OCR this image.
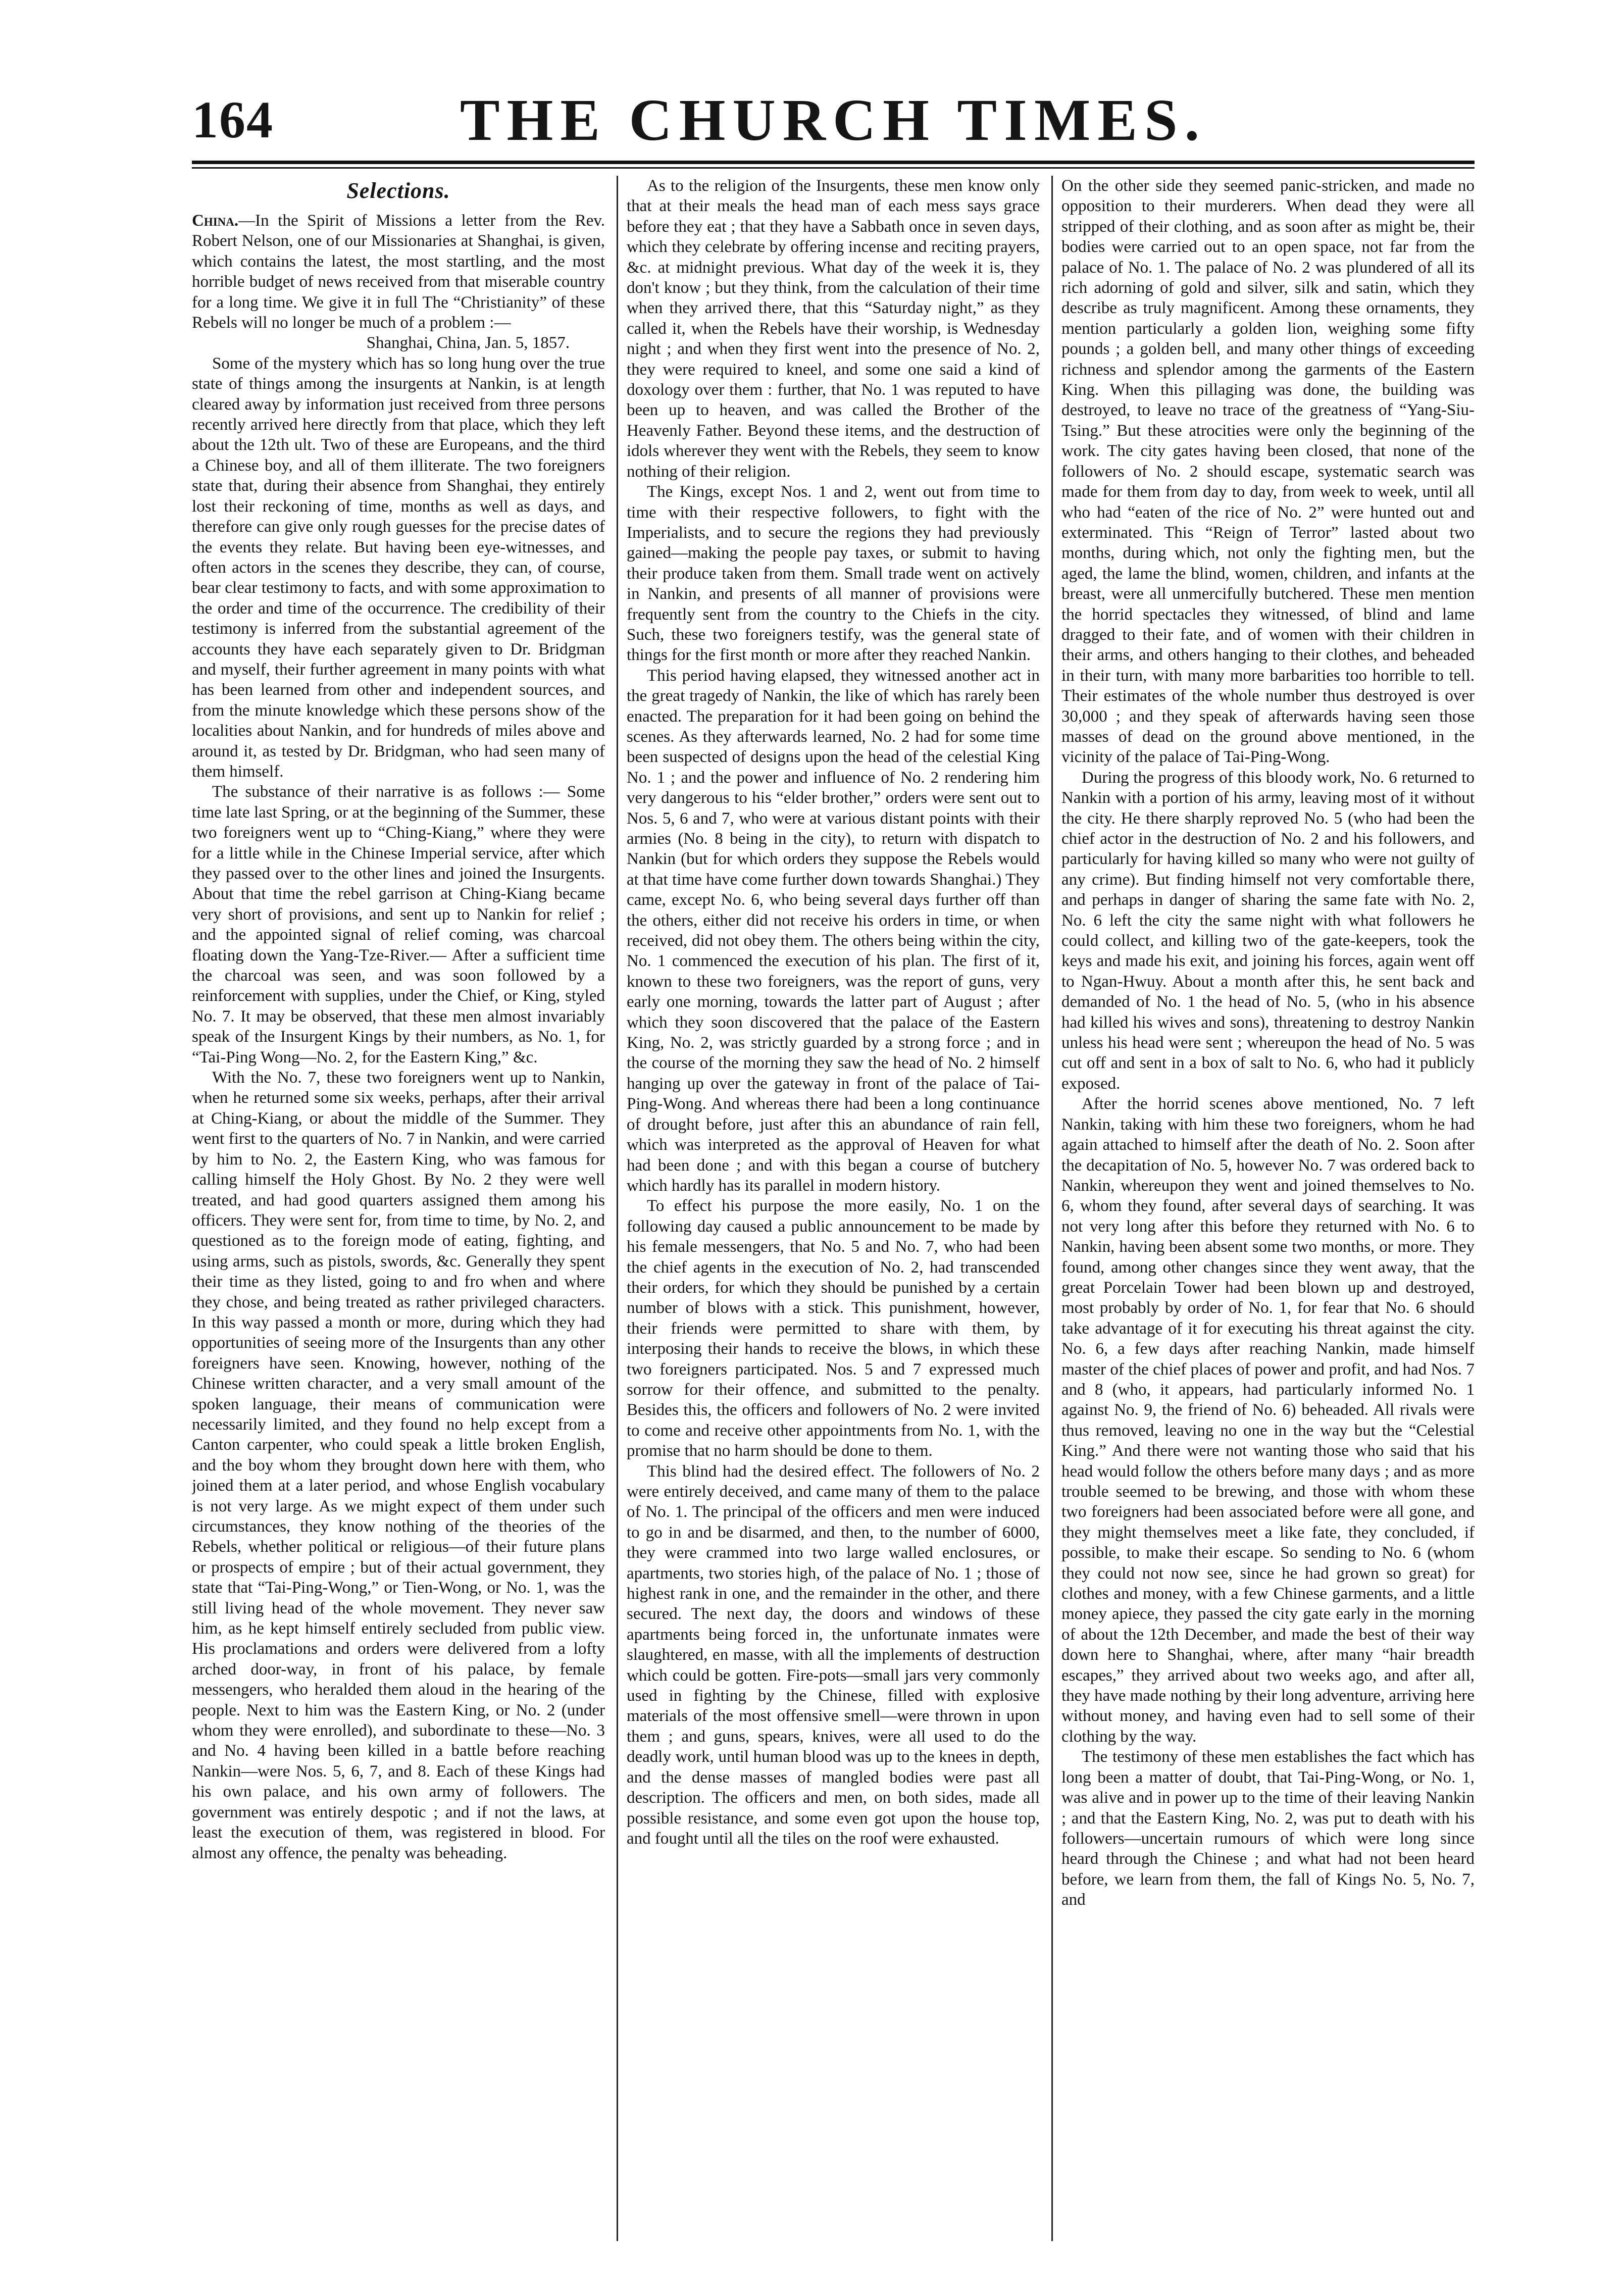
164	THE CHURCH TIMES.
Selections.

China.—In the Spirit of Missions a letter from the Rev. Robert Nelson, one of our Missionaries at Shanghai, is given, which contains the latest, the most startling, and the most horrible budget of news received from that miserable country for a long time. We give it in full The “Christianity” of these Rebels will no longer be much of a problem :—

Shanghai, China, Jan. 5, 1857.

Some of the mystery which has so long hung over the true state of things among the insurgents at Nankin, is at length cleared away by information just received from three persons recently arrived here directly from that place, which they left about the 12th ult. Two of these are Europeans, and the third a Chinese boy, and all of them illiterate. The two foreigners state that, during their absence from Shanghai, they entirely lost their reckoning of time, months as well as days, and therefore can give only rough guesses for the precise dates of the events they relate. But having been eye-witnesses, and often actors in the scenes they describe, they can, of course, bear clear testimony to facts, and with some approximation to the order and time of the occurrence. The credibility of their testimony is inferred from the substantial agreement of the accounts they have each separately given to Dr. Bridgman and myself, their further agreement in many points with what has been learned from other and independent sources, and from the minute knowledge which these persons show of the localities about Nankin, and for hundreds of miles above and around it, as tested by Dr. Bridgman, who had seen many of them himself.

The substance of their narrative is as follows :— Some time late last Spring, or at the beginning of the Summer, these two foreigners went up to “Ching-Kiang,” where they were for a little while in the Chinese Imperial service, after which they passed over to the other lines and joined the Insurgents. About that time the rebel garrison at Ching-Kiang became very short of provisions, and sent up to Nankin for relief ; and the appointed signal of relief coming, was charcoal floating down the Yang-Tze-River.— After a sufficient time the charcoal was seen, and was soon followed by a reinforcement with supplies, under the Chief, or King, styled No. 7. It may be observed, that these men almost invariably speak of the Insurgent Kings by their numbers, as No. 1, for “Tai-Ping Wong—No. 2, for the Eastern King,” &c.

With the No. 7, these two foreigners went up to Nankin, when he returned some six weeks, perhaps, after their arrival at Ching-Kiang, or about the middle of the Summer. They went first to the quarters of No. 7 in Nankin, and were carried by him to No. 2, the Eastern King, who was famous for calling himself the Holy Ghost. By No. 2 they were well treated, and had good quarters assigned them among his officers. They were sent for, from time to time, by No. 2, and questioned as to the foreign mode of eating, fighting, and using arms, such as pistols, swords, &c. Generally they spent their time as they listed, going to and fro when and where they chose, and being treated as rather privileged characters. In this way passed a month or more, during which they had opportunities of seeing more of the Insurgents than any other foreigners have seen. Knowing, however, nothing of the Chinese written character, and a very small amount of the spoken language, their means of communication were necessarily limited, and they found no help except from a Canton carpenter, who could speak a little broken English, and the boy whom they brought down here with them, who joined them at a later period, and whose English vocabulary is not very large. As we might expect of them under such circumstances, they know nothing of the theories of the Rebels, whether political or religious—of their future plans or prospects of empire ; but of their actual government, they state that “Tai-Ping-Wong,” or Tien-Wong, or No. 1, was the still living head of the whole movement. They never saw him, as he kept himself entirely secluded from public view. His proclamations and orders were delivered from a lofty arched door-way, in front of his palace, by female messengers, who heralded them aloud in the hearing of the people. Next to him was the Eastern King, or No. 2 (under whom they were enrolled), and subordinate to these—No. 3 and No. 4 having been killed in a battle before reaching Nankin—were Nos. 5, 6, 7, and 8. Each of these Kings had his own palace, and his own army of followers. The government was entirely despotic ; and if not the laws, at least the execution of them, was registered in blood. For almost any offence, the penalty was beheading.

As to the religion of the Insurgents, these men know only that at their meals the head man of each mess says grace before they eat ; that they have a Sabbath once in seven days, which they celebrate by offering incense and reciting prayers, &c. at midnight previous. What day of the week it is, they don't know ; but they think, from the calculation of their time when they arrived there, that this “Saturday night,” as they called it, when the Rebels have their worship, is Wednesday night ; and when they first went into the presence of No. 2, they were required to kneel, and some one said a kind of doxology over them : further, that No. 1 was reputed to have been up to heaven, and was called the Brother of the Heavenly Father. Beyond these items, and the destruction of idols wherever they went with the Rebels, they seem to know nothing of their religion.

The Kings, except Nos. 1 and 2, went out from time to time with their respective followers, to fight with the Imperialists, and to secure the regions they had previously gained—making the people pay taxes, or submit to having their produce taken from them. Small trade went on actively in Nankin, and presents of all manner of provisions were frequently sent from the country to the Chiefs in the city. Such, these two foreigners testify, was the general state of things for the first month or more after they reached Nankin.

This period having elapsed, they witnessed another act in the great tragedy of Nankin, the like of which has rarely been enacted. The preparation for it had been going on behind the scenes. As they afterwards learned, No. 2 had for some time been suspected of designs upon the head of the celestial King No. 1 ; and the power and influence of No. 2 rendering him very dangerous to his “elder brother,” orders were sent out to Nos. 5, 6 and 7, who were at various distant points with their armies (No. 8 being in the city), to return with dispatch to Nankin (but for which orders they suppose the Rebels would at that time have come further down towards Shanghai.) They came, except No. 6, who being several days further off than the others, either did not receive his orders in time, or when received, did not obey them. The others being within the city, No. 1 commenced the execution of his plan. The first of it, known to these two foreigners, was the report of guns, very early one morning, towards the latter part of August ; after which they soon discovered that the palace of the Eastern King, No. 2, was strictly guarded by a strong force ; and in the course of the morning they saw the head of No. 2 himself hanging up over the gateway in front of the palace of Tai-Ping-Wong. And whereas there had been a long continuance of drought before, just after this an abundance of rain fell, which was interpreted as the approval of Heaven for what had been done ; and with this began a course of butchery which hardly has its parallel in modern history.

To effect his purpose the more easily, No. 1 on the following day caused a public announcement to be made by his female messengers, that No. 5 and No. 7, who had been the chief agents in the execution of No. 2, had transcended their orders, for which they should be punished by a certain number of blows with a stick. This punishment, however, their friends were permitted to share with them, by interposing their hands to receive the blows, in which these two foreigners participated. Nos. 5 and 7 expressed much sorrow for their offence, and submitted to the penalty. Besides this, the officers and followers of No. 2 were invited to come and receive other appointments from No. 1, with the promise that no harm should be done to them.

This blind had the desired effect. The followers of No. 2 were entirely deceived, and came many of them to the palace of No. 1. The principal of the officers and men were induced to go in and be disarmed, and then, to the number of 6000, they were crammed into two large walled enclosures, or apartments, two stories high, of the palace of No. 1 ; those of highest rank in one, and the remainder in the other, and there secured. The next day, the doors and windows of these apartments being forced in, the unfortunate inmates were slaughtered, en masse, with all the implements of destruction which could be gotten. Fire-pots—small jars very commonly used in fighting by the Chinese, filled with explosive materials of the most offensive smell—were thrown in upon them ; and guns, spears, knives, were all used to do the deadly work, until human blood was up to the knees in depth, and the dense masses of mangled bodies were past all description. The officers and men, on both sides, made all possible resistance, and some even got upon the house top, and fought until all the tiles on the roof were exhausted.

On the other side they seemed panic-stricken, and made no opposition to their murderers. When dead they were all stripped of their clothing, and as soon after as might be, their bodies were carried out to an open space, not far from the palace of No. 1. The palace of No. 2 was plundered of all its rich adorning of gold and silver, silk and satin, which they describe as truly magnificent. Among these ornaments, they mention particularly a golden lion, weighing some fifty pounds ; a golden bell, and many other things of exceeding richness and splendor among the garments of the Eastern King. When this pillaging was done, the building was destroyed, to leave no trace of the greatness of “Yang-Siu-Tsing.” But these atrocities were only the beginning of the work. The city gates having been closed, that none of the followers of No. 2 should escape, systematic search was made for them from day to day, from week to week, until all who had “eaten of the rice of No. 2” were hunted out and exterminated. This “Reign of Terror” lasted about two months, during which, not only the fighting men, but the aged, the lame the blind, women, children, and infants at the breast, were all unmercifully butchered. These men mention the horrid spectacles they witnessed, of blind and lame dragged to their fate, and of women with their children in their arms, and others hanging to their clothes, and beheaded in their turn, with many more barbarities too horrible to tell. Their estimates of the whole number thus destroyed is over 30,000 ; and they speak of afterwards having seen those masses of dead on the ground above mentioned, in the vicinity of the palace of Tai-Ping-Wong.

During the progress of this bloody work, No. 6 returned to Nankin with a portion of his army, leaving most of it without the city. He there sharply reproved No. 5 (who had been the chief actor in the destruction of No. 2 and his followers, and particularly for having killed so many who were not guilty of any crime). But finding himself not very comfortable there, and perhaps in danger of sharing the same fate with No. 2, No. 6 left the city the same night with what followers he could collect, and killing two of the gate-keepers, took the keys and made his exit, and joining his forces, again went off to Ngan-Hwuy. About a month after this, he sent back and demanded of No. 1 the head of No. 5, (who in his absence had killed his wives and sons), threatening to destroy Nankin unless his head were sent ; whereupon the head of No. 5 was cut off and sent in a box of salt to No. 6, who had it publicly exposed.

After the horrid scenes above mentioned, No. 7 left Nankin, taking with him these two foreigners, whom he had again attached to himself after the death of No. 2. Soon after the decapitation of No. 5, however No. 7 was ordered back to Nankin, whereupon they went and joined themselves to No. 6, whom they found, after several days of searching. It was not very long after this before they returned with No. 6 to Nankin, having been absent some two months, or more. They found, among other changes since they went away, that the great Porcelain Tower had been blown up and destroyed, most probably by order of No. 1, for fear that No. 6 should take advantage of it for executing his threat against the city. No. 6, a few days after reaching Nankin, made himself master of the chief places of power and profit, and had Nos. 7 and 8 (who, it appears, had particularly informed No. 1 against No. 9, the friend of No. 6) beheaded. All rivals were thus removed, leaving no one in the way but the “Celestial King.” And there were not wanting those who said that his head would follow the others before many days ; and as more trouble seemed to be brewing, and those with whom these two foreigners had been associated before were all gone, and they might themselves meet a like fate, they concluded, if possible, to make their escape. So sending to No. 6 (whom they could not now see, since he had grown so great) for clothes and money, with a few Chinese garments, and a little money apiece, they passed the city gate early in the morning of about the 12th December, and made the best of their way down here to Shanghai, where, after many “hair breadth escapes,” they arrived about two weeks ago, and after all, they have made nothing by their long adventure, arriving here without money, and having even had to sell some of their clothing by the way.

The testimony of these men establishes the fact which has long been a matter of doubt, that Tai-Ping-Wong, or No. 1, was alive and in power up to the time of their leaving Nankin ; and that the Eastern King, No. 2, was put to death with his followers—uncertain rumours of which were long since heard through the Chinese ; and what had not been heard before, we learn from them, the fall of Kings No. 5, No. 7, and
